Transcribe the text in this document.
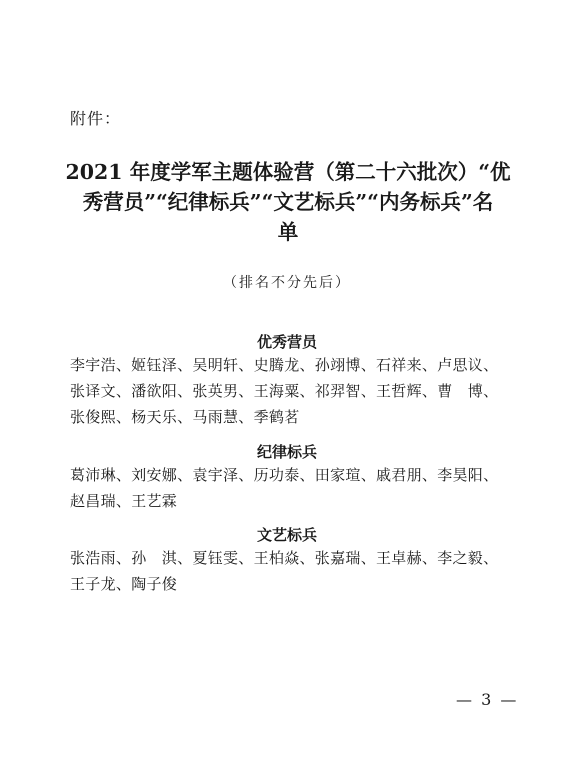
附件：
2021 年度学军主题体验营（第二十六批次）“优
秀营员”“纪律标兵”“文艺标兵”“内务标兵”名
单
（排名不分先后）
优秀营员
李宇浩、姬钰泽、吴明轩、史腾龙、孙翊博、石祥来、卢思议、
张译文、潘欲阳、张英男、王海粟、祁羿智、王哲辉、曹　博、
张俊熙、杨天乐、马雨慧、季鹤茗
纪律标兵
葛沛琳、刘安娜、袁宇泽、历功泰、田家瑄、戚君朋、李昊阳、
赵昌瑞、王艺霖
文艺标兵
张浩雨、孙　淇、夏钰雯、王柏焱、张嘉瑞、王卓赫、李之毅、
王子龙、陶子俊
— 3 —
